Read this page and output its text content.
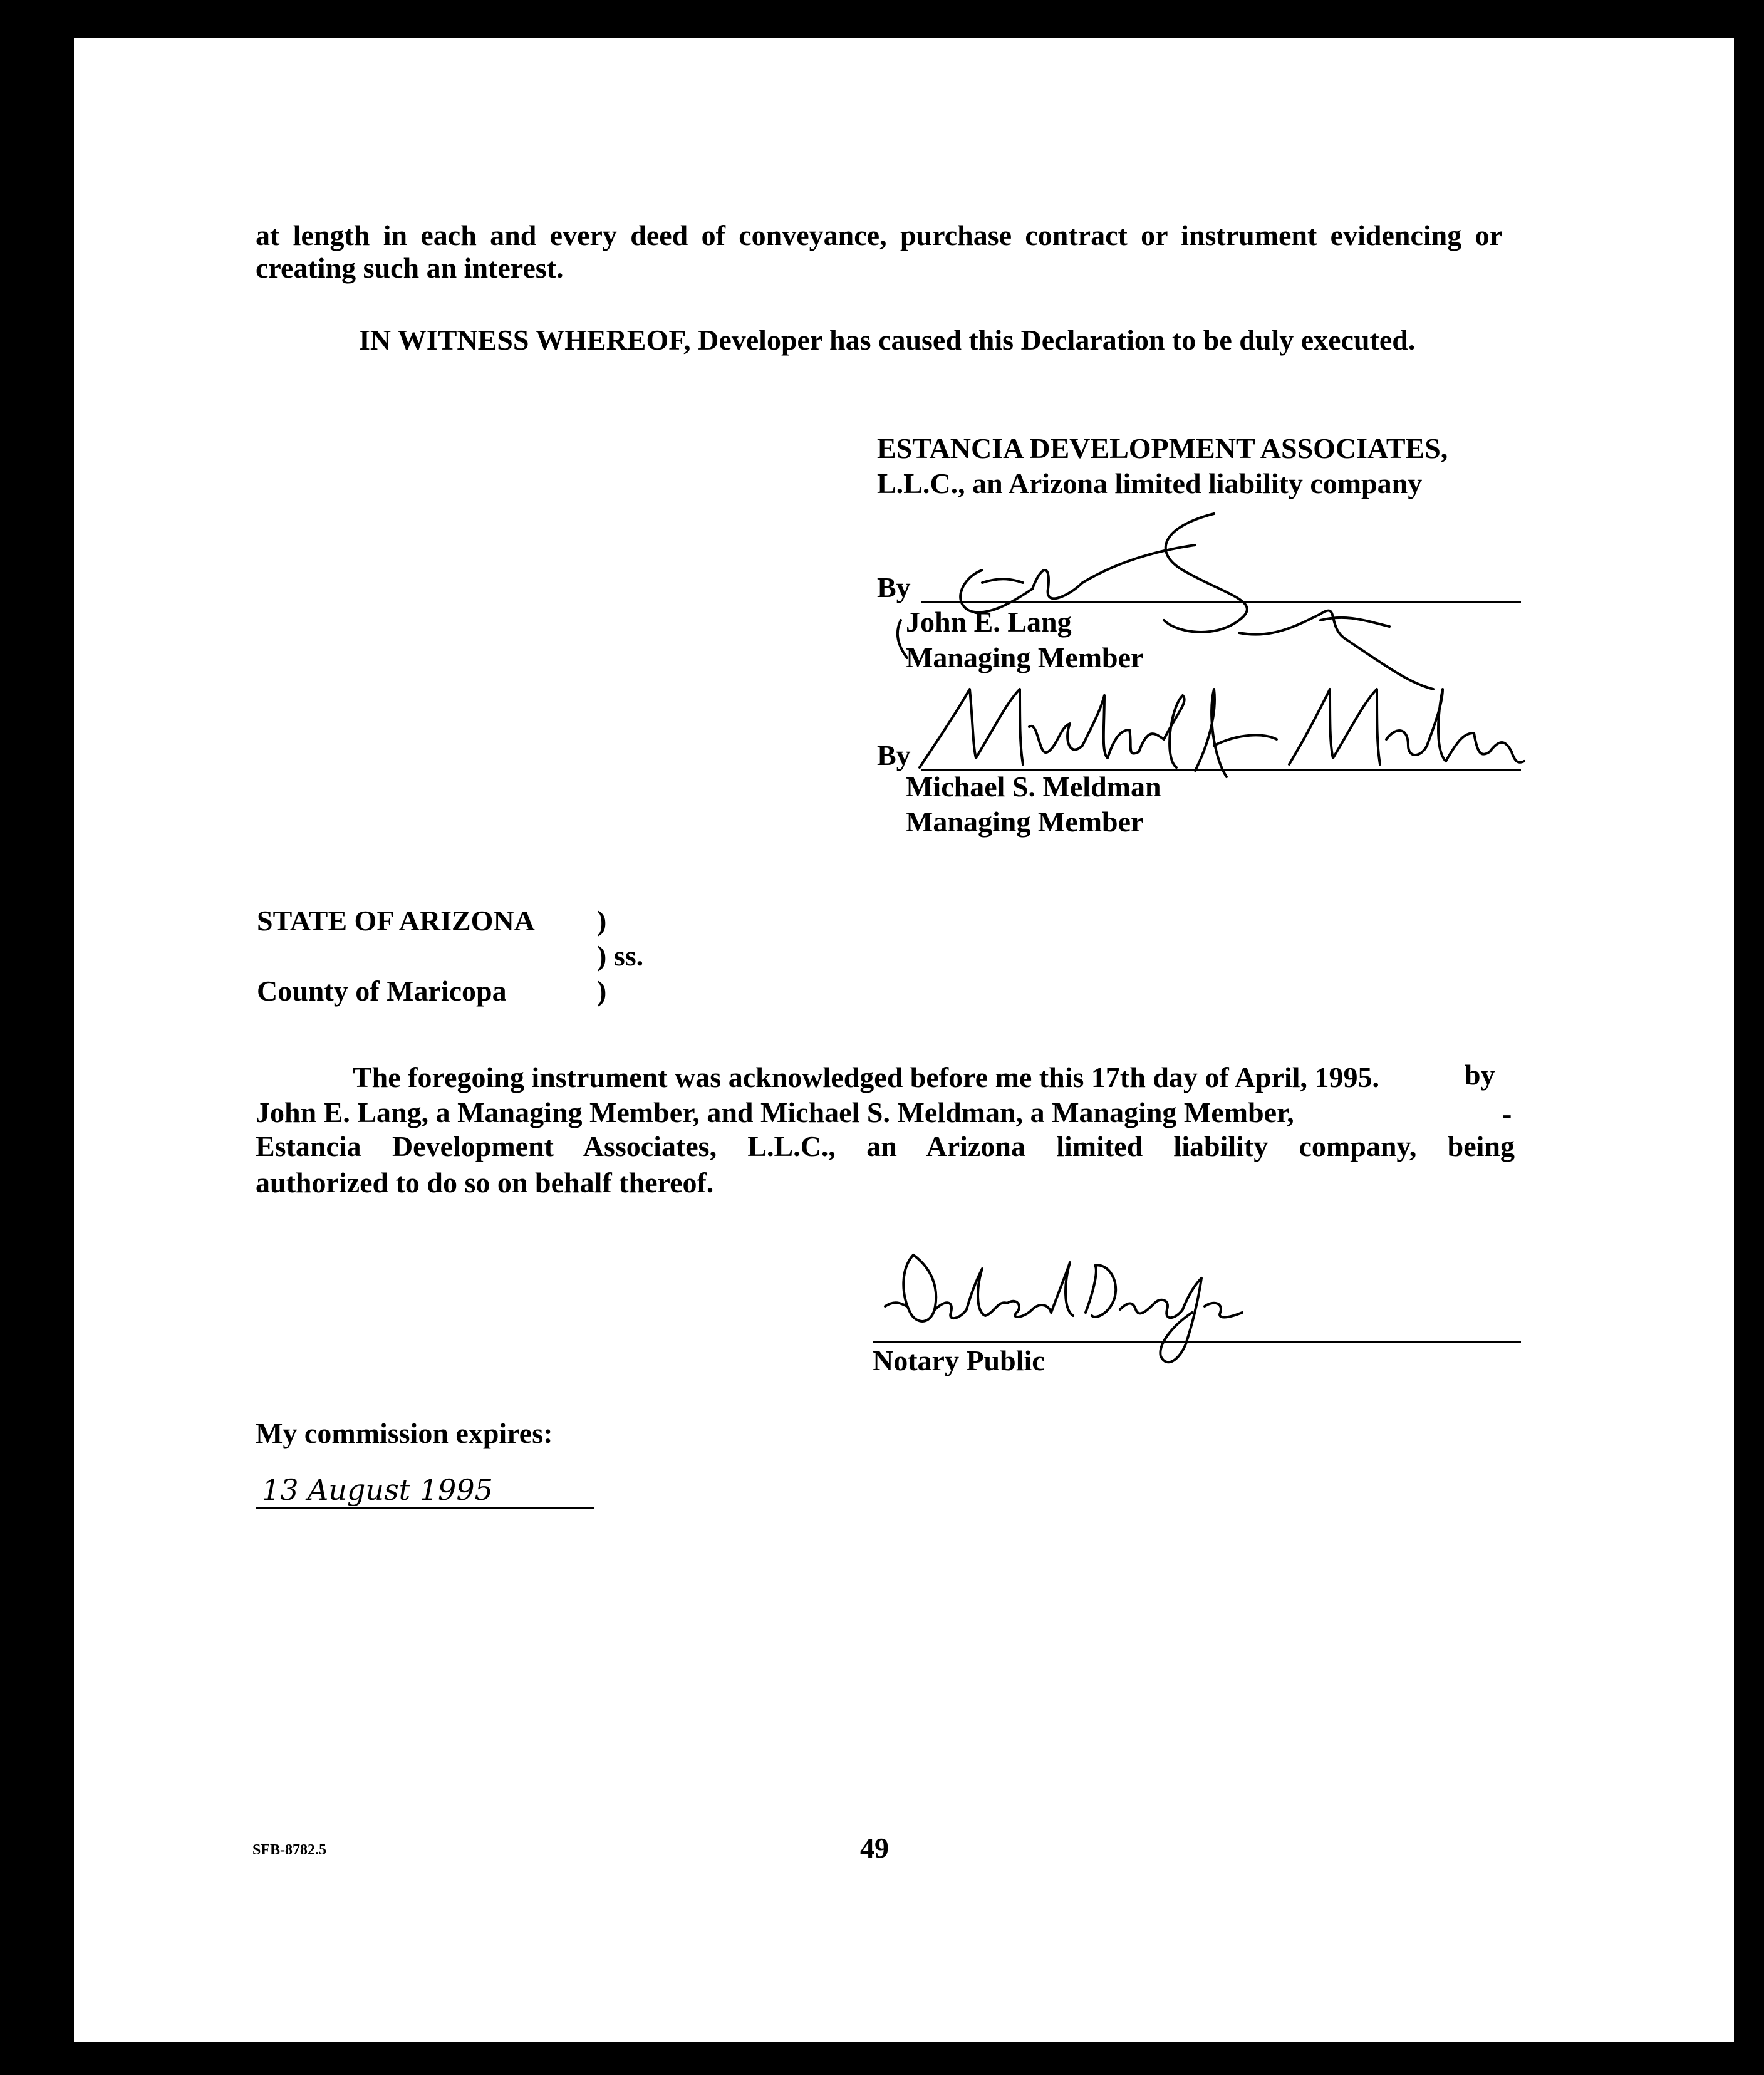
at length in each and every deed of conveyance, purchase contract or instrument evidencing or creating such an interest.
IN WITNESS WHEREOF, Developer has caused this Declaration to be duly executed.
ESTANCIA DEVELOPMENT ASSOCIATES,
L.L.C., an Arizona limited liability company
By
John E. Lang
Managing Member
By
Michael S. Meldman
Managing Member
STATE OF ARIZONA )
) ss.
County of Maricopa	)
The foregoing instrument was acknowledged before me this 17th day of April, 1995.	by
John E. Lang, a Managing Member, and Michael S. Meldman, a Managing Member,	-
Estancia Development Associates, L.L.C., an Arizona limited liability company, being
authorized to do so on behalf thereof.
Notary Public
My commission expires:
13 August 1995
SFB-8782.5	49
